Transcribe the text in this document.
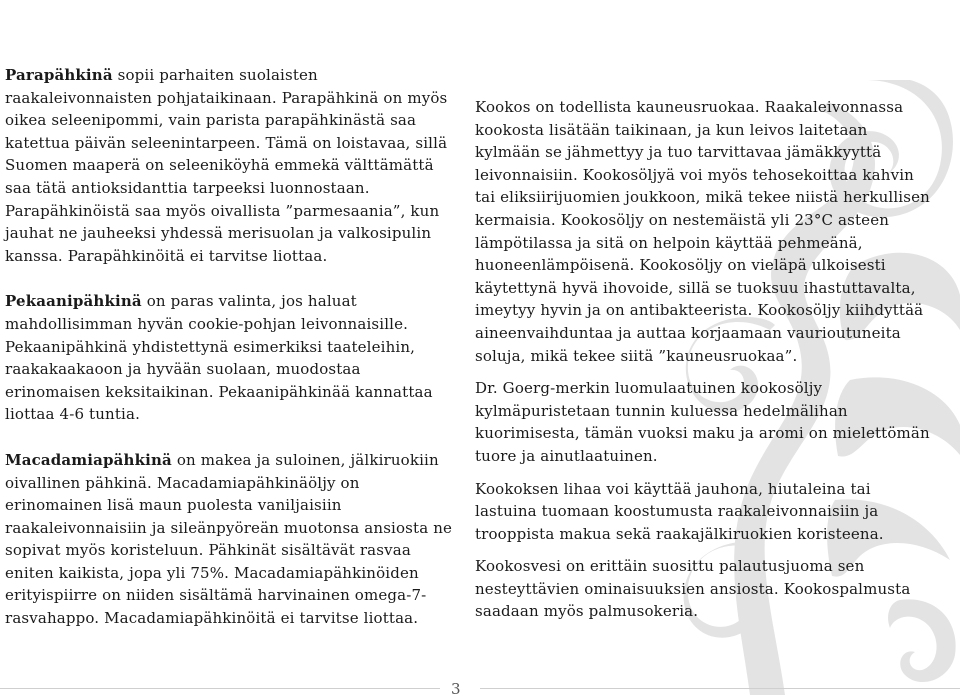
Parapähkinä sopii parhaiten suolaisten raakaleivonnaisten pohjataikinaan. Parapähkinä on myös oikea seleenipommi, vain parista parapähkinästä saa katettua päivän seleenintarpeen. Tämä on loistavaa, sillä Suomen maaperä on seleeniköyhä emmekä välttämättä saa tätä antioksidanttia tarpeeksi luonnostaan. Parapähkinöistä saa myös oivallista ”parmesaania”, kun jauhat ne jauheeksi yhdessä merisuolan ja valkosipulin kanssa. Parapähkinöitä ei tarvitse liottaa.

Pekaanipähkinä on paras valinta, jos haluat mahdollisimman hyvän cookie-pohjan leivonnaisille. Pekaanipähkinä yhdistettynä esimerkiksi taateleihin, raakakaakaoon ja hyvään suolaan, muodostaa erinomaisen keksitaikinan. Pekaanipähkinää kannattaa liottaa 4-6 tuntia.

Macadamiapähkinä on makea ja suloinen, jälkiruokiin oivallinen pähkinä. Macadamiapähkinäöljy on erinomainen lisä maun puolesta vaniljaisiin raakaleivonnaisiin ja sileänpyöreän muotonsa ansiosta ne sopivat myös koristeluun. Pähkinät sisältävät rasvaa eniten kaikista, jopa yli 75%. Macadamiapähkinöiden erityispiirre on niiden sisältämä harvinainen omega-7-rasvahappo. Macadamiapähkinöitä ei tarvitse liottaa.

Kookos on todellista kauneusruokaa. Raakaleivonnassa kookosta lisätään taikinaan, ja kun leivos laitetaan kylmään se jähmettyy ja tuo tarvittavaa jämäkkyyttä leivonnaisiin. Kookosöljyä voi myös tehosekoittaa kahvin tai eliksiirijuomien joukkoon, mikä tekee niistä herkullisen kermaisia. Kookosöljy on nestemäistä yli 23°C asteen lämpötilassa ja sitä on helpoin käyttää pehmeänä, huoneenlämpöisenä. Kookosöljy on vieläpä ulkoisesti käytettynä hyvä ihovoide, sillä se tuoksuu ihastuttavalta, imeytyy hyvin ja on antibakteerista. Kookosöljy kiihdyttää aineenvaihduntaa ja auttaa korjaamaan vaurioutuneita soluja, mikä tekee siitä ”kauneusruokaa”.

Dr. Goerg-merkin luomulaatuinen kookosöljy kylmäpuristetaan tunnin kuluessa hedelmälihan kuorimisesta, tämän vuoksi maku ja aromi on mielettömän tuore ja ainutlaatuinen.

Kookoksen lihaa voi käyttää jauhona, hiutaleina tai lastuina tuomaan koostumusta raakaleivonnaisiin ja trooppista makua sekä raakajälkiruokien koristeena.

Kookosvesi on erittäin suosittu palautusjuoma sen nesteyttävien ominaisuuksien ansiosta. Kookospalmusta saadaan myös palmusokeria.

3
